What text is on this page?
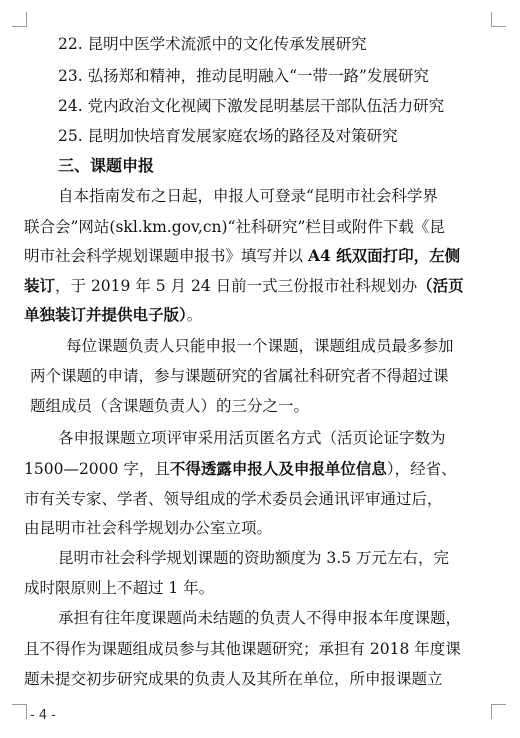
22. 昆明中医学术流派中的文化传承发展研究
23. 弘扬郑和精神，推动昆明融入“一带一路”发展研究
24. 党内政治文化视阈下激发昆明基层干部队伍活力研究
25. 昆明加快培育发展家庭农场的路径及对策研究
三、课题申报
自本指南发布之日起，申报人可登录“昆明市社会科学界
联合会”网站(skl.km.gov,cn)“社科研究”栏目或附件下载《昆
明市社会科学规划课题申报书》填写并以 A4 纸双面打印，左侧
装订，于 2019 年 5 月 24 日前一式三份报市社科规划办（活页
单独装订并提供电子版）。
每位课题负责人只能申报一个课题，课题组成员最多参加
两个课题的申请，参与课题研究的省属社科研究者不得超过课
题组成员（含课题负责人）的三分之一。
各申报课题立项评审采用活页匿名方式（活页论证字数为
1500—2000 字，且不得透露申报人及申报单位信息），经省、
市有关专家、学者、领导组成的学术委员会通讯评审通过后，
由昆明市社会科学规划办公室立项。
昆明市社会科学规划课题的资助额度为 3.5 万元左右，完
成时限原则上不超过 1 年。
承担有往年度课题尚未结题的负责人不得申报本年度课题，
且不得作为课题组成员参与其他课题研究；承担有 2018 年度课
题未提交初步研究成果的负责人及其所在单位，所申报课题立
- 4 -
